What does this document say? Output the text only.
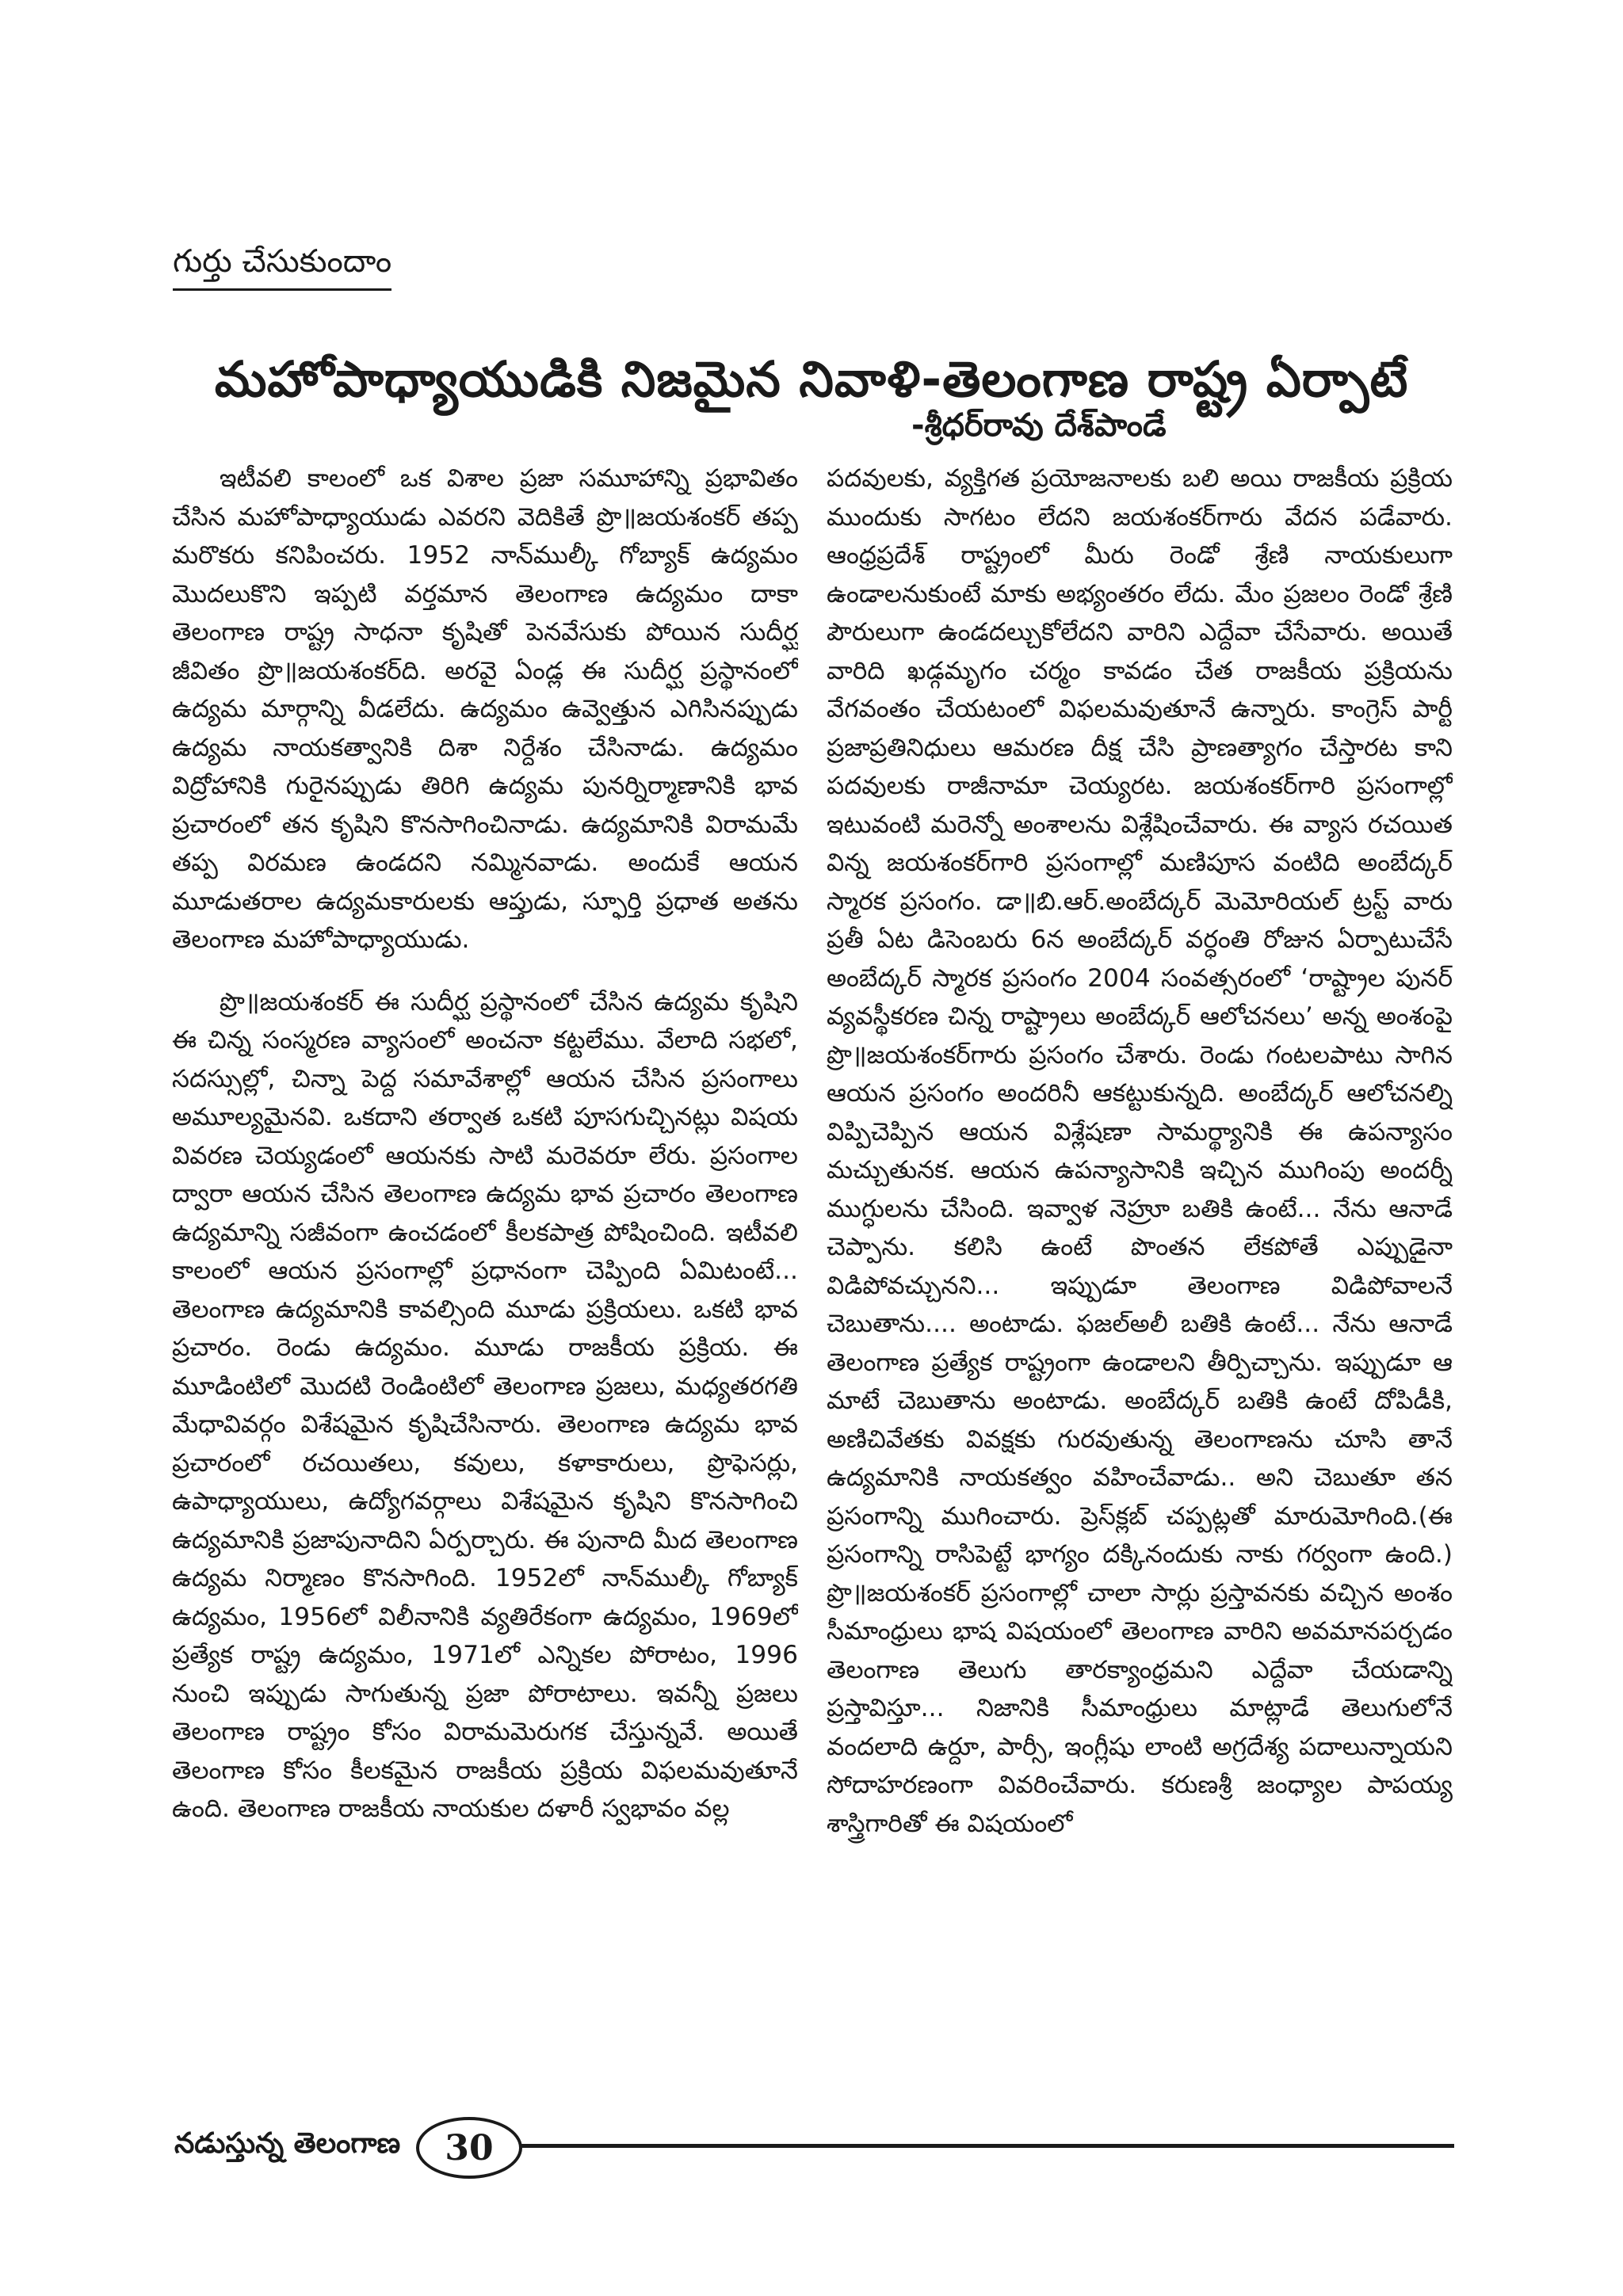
గుర్తు చేసుకుందాం
మహోపాధ్యాయుడికి నిజమైన నివాళి-తెలంగాణ రాష్ట్ర ఏర్పాటే
-శ్రీధర్‌రావు దేశ్‌పాండే

ఇటీవలి కాలంలో ఒక విశాల ప్రజా సమూహాన్ని ప్రభావితం చేసిన మహోపాధ్యాయుడు ఎవరని వెదికితే ప్రొ॥జయశంకర్ తప్ప మరొకరు కనిపించరు. 1952 నాన్‌ముల్కీ గోబ్యాక్ ఉద్యమం మొదలుకొని ఇప్పటి వర్తమాన తెలంగాణ ఉద్యమం దాకా తెలంగాణ రాష్ట్ర సాధనా కృషితో పెనవేసుకు పోయిన సుదీర్ఘ జీవితం ప్రొ॥జయశంకర్‌ది. అరవై ఏండ్ల ఈ సుదీర్ఘ ప్రస్థానంలో ఉద్యమ మార్గాన్ని వీడలేదు. ఉద్యమం ఉవ్వెత్తున ఎగిసినప్పుడు ఉద్యమ నాయకత్వానికి దిశా నిర్దేశం చేసినాడు. ఉద్యమం విద్రోహానికి గురైనప్పుడు తిరిగి ఉద్యమ పునర్నిర్మాణానికి భావ ప్రచారంలో తన కృషిని కొనసాగించినాడు. ఉద్యమానికి విరామమే తప్ప విరమణ ఉండదని నమ్మినవాడు. అందుకే ఆయన మూడుతరాల ఉద్యమకారులకు ఆప్తుడు, స్ఫూర్తి ప్రధాత అతను తెలంగాణ మహోపాధ్యాయుడు.

ప్రొ॥జయశంకర్ ఈ సుదీర్ఘ ప్రస్థానంలో చేసిన ఉద్యమ కృషిని ఈ చిన్న సంస్మరణ వ్యాసంలో అంచనా కట్టలేము. వేలాది సభలో, సదస్సుల్లో, చిన్నా పెద్ద సమావేశాల్లో ఆయన చేసిన ప్రసంగాలు అమూల్యమైనవి. ఒకదాని తర్వాత ఒకటి పూసగుచ్చినట్లు విషయ వివరణ చెయ్యడంలో ఆయనకు సాటి మరెవరూ లేరు. ప్రసంగాల ద్వారా ఆయన చేసిన తెలంగాణ ఉద్యమ భావ ప్రచారం తెలంగాణ ఉద్యమాన్ని సజీవంగా ఉంచడంలో కీలకపాత్ర పోషించింది. ఇటీవలి కాలంలో ఆయన ప్రసంగాల్లో ప్రధానంగా చెప్పింది ఏమిటంటే... తెలంగాణ ఉద్యమానికి కావల్సింది మూడు ప్రక్రియలు. ఒకటి భావ ప్రచారం. రెండు ఉద్యమం. మూడు రాజకీయ ప్రక్రియ. ఈ మూడింటిలో మొదటి రెండింటిలో తెలంగాణ ప్రజలు, మధ్యతరగతి మేధావివర్గం విశేషమైన కృషిచేసినారు. తెలంగాణ ఉద్యమ భావ ప్రచారంలో రచయితలు, కవులు, కళాకారులు, ప్రొఫెసర్లు, ఉపాధ్యాయులు, ఉద్యోగవర్గాలు విశేషమైన కృషిని కొనసాగించి ఉద్యమానికి ప్రజాపునాదిని ఏర్పర్చారు. ఈ పునాది మీద తెలంగాణ ఉద్యమ నిర్మాణం కొనసాగింది. 1952లో నాన్‌ముల్కీ గోబ్యాక్ ఉద్యమం, 1956లో విలీనానికి వ్యతిరేకంగా ఉద్యమం, 1969లో ప్రత్యేక రాష్ట్ర ఉద్యమం, 1971లో ఎన్నికల పోరాటం, 1996 నుంచి ఇప్పుడు సాగుతున్న ప్రజా పోరాటాలు. ఇవన్నీ ప్రజలు తెలంగాణ రాష్ట్రం కోసం విరామమెరుగక చేస్తున్నవే. అయితే తెలంగాణ కోసం కీలకమైన రాజకీయ ప్రక్రియ విఫలమవుతూనే ఉంది. తెలంగాణ రాజకీయ నాయకుల దళారీ స్వభావం వల్ల

పదవులకు, వ్యక్తిగత ప్రయోజనాలకు బలి అయి రాజకీయ ప్రక్రియ ముందుకు సాగటం లేదని జయశంకర్‌గారు వేదన పడేవారు. ఆంధ్రప్రదేశ్ రాష్ట్రంలో మీరు రెండో శ్రేణి నాయకులుగా ఉండాలనుకుంటే మాకు అభ్యంతరం లేదు. మేం ప్రజలం రెండో శ్రేణి పౌరులుగా ఉండదల్చుకోలేదని వారిని ఎద్దేవా చేసేవారు. అయితే వారిది ఖడ్గమృగం చర్మం కావడం చేత రాజకీయ ప్రక్రియను వేగవంతం చేయటంలో విఫలమవుతూనే ఉన్నారు. కాంగ్రెస్ పార్టీ ప్రజాప్రతినిధులు ఆమరణ దీక్ష చేసి ప్రాణత్యాగం చేస్తారట కాని పదవులకు రాజీనామా చెయ్యరట. జయశంకర్‌గారి ప్రసంగాల్లో ఇటువంటి మరెన్నో అంశాలను విశ్లేషించేవారు. ఈ వ్యాస రచయిత విన్న జయశంకర్‌గారి ప్రసంగాల్లో మణిపూస వంటిది అంబేద్కర్ స్మారక ప్రసంగం. డా॥బి.ఆర్.అంబేద్కర్ మెమోరియల్ ట్రస్ట్ వారు ప్రతీ ఏట డిసెంబరు 6న అంబేద్కర్ వర్ధంతి రోజున ఏర్పాటుచేసే అంబేద్కర్ స్మారక ప్రసంగం 2004 సంవత్సరంలో ‘రాష్ట్రాల పునర్ వ్యవస్థీకరణ చిన్న రాష్ట్రాలు అంబేద్కర్ ఆలోచనలు’ అన్న అంశంపై ప్రొ॥జయశంకర్‌గారు ప్రసంగం చేశారు. రెండు గంటలపాటు సాగిన ఆయన ప్రసంగం అందరినీ ఆకట్టుకున్నది. అంబేద్కర్ ఆలోచనల్ని విప్పిచెప్పిన ఆయన విశ్లేషణా సామర్థ్యానికి ఈ ఉపన్యాసం మచ్చుతునక. ఆయన ఉపన్యాసానికి ఇచ్చిన ముగింపు అందర్నీ ముగ్ధులను చేసింది. ఇవ్వాళ నెహ్రూ బతికి ఉంటే... నేను ఆనాడే చెప్పాను. కలిసి ఉంటే పొంతన లేకపోతే ఎప్పుడైనా విడిపోవచ్చునని... ఇప్పుడూ తెలంగాణ విడిపోవాలనే చెబుతాను.... అంటాడు. ఫజల్‌అలీ బతికి ఉంటే... నేను ఆనాడే తెలంగాణ ప్రత్యేక రాష్ట్రంగా ఉండాలని తీర్పిచ్చాను. ఇప్పుడూ ఆ మాటే చెబుతాను అంటాడు. అంబేద్కర్ బతికి ఉంటే దోపిడీకి, అణిచివేతకు వివక్షకు గురవుతున్న తెలంగాణను చూసి తానే ఉద్యమానికి నాయకత్వం వహించేవాడు.. అని చెబుతూ తన ప్రసంగాన్ని ముగించారు. ప్రెస్‌క్లబ్ చప్పట్లతో మారుమోగింది.(ఈ ప్రసంగాన్ని రాసిపెట్టే భాగ్యం దక్కినందుకు నాకు గర్వంగా ఉంది.) ప్రొ॥జయశంకర్ ప్రసంగాల్లో చాలా సార్లు ప్రస్తావనకు వచ్చిన అంశం సీమాంధ్రులు భాష విషయంలో తెలంగాణ వారిని అవమానపర్చడం తెలంగాణ తెలుగు తారక్యాంధ్రమని ఎద్దేవా చేయడాన్ని ప్రస్తావిస్తూ... నిజానికి సీమాంధ్రులు మాట్లాడే తెలుగులోనే వందలాది ఉర్దూ, పార్సీ, ఇంగ్లీషు లాంటి అగ్రదేశ్య పదాలున్నాయని సోదాహరణంగా వివరించేవారు. కరుణశ్రీ జంధ్యాల పాపయ్య శాస్త్రిగారితో ఈ విషయంలో

నడుస్తున్న తెలంగాణ 30
